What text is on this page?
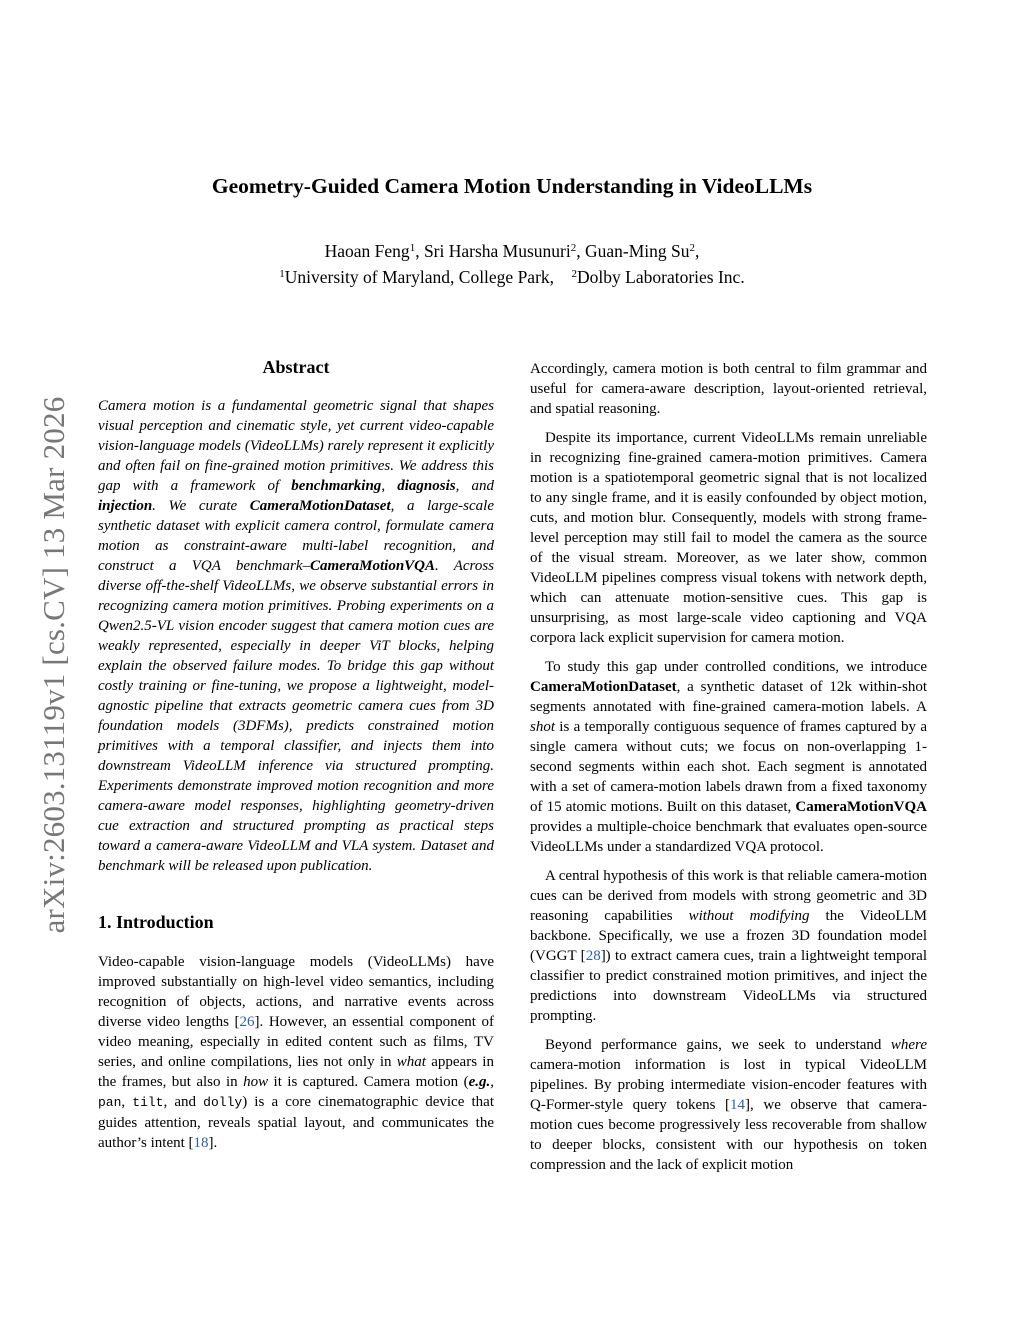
Geometry-Guided Camera Motion Understanding in VideoLLMs
Haoan Feng$^1$, Sri Harsha Musunuri$^2$, Guan-Ming Su$^2$,
$^1$University of Maryland, College Park, $^2$Dolby Laboratories Inc.
arXiv:2603.13119v1 [cs.CV] 13 Mar 2026
Abstract

Camera motion is a fundamental geometric signal that shapes visual perception and cinematic style, yet current video-capable vision-language models (VideoLLMs) rarely represent it explicitly and often fail on fine-grained motion primitives. We address this gap with a framework of benchmarking, diagnosis, and injection. We curate CameraMotionDataset, a large-scale synthetic dataset with explicit camera control, formulate camera motion as constraint-aware multi-label recognition, and construct a VQA benchmark–CameraMotionVQA. Across diverse off-the-shelf VideoLLMs, we observe substantial errors in recognizing camera motion primitives. Probing experiments on a Qwen2.5-VL vision encoder suggest that camera motion cues are weakly represented, especially in deeper ViT blocks, helping explain the observed failure modes. To bridge this gap without costly training or fine-tuning, we propose a lightweight, model-agnostic pipeline that extracts geometric camera cues from 3D foundation models (3DFMs), predicts constrained motion primitives with a temporal classifier, and injects them into downstream VideoLLM inference via structured prompting. Experiments demonstrate improved motion recognition and more camera-aware model responses, highlighting geometry-driven cue extraction and structured prompting as practical steps toward a camera-aware VideoLLM and VLA system. Dataset and benchmark will be released upon publication.

1. Introduction

Video-capable vision-language models (VideoLLMs) have improved substantially on high-level video semantics, including recognition of objects, actions, and narrative events across diverse video lengths [26]. However, an essential component of video meaning, especially in edited content such as films, TV series, and online compilations, lies not only in what appears in the frames, but also in how it is captured. Camera motion (e.g., pan, tilt, and dolly) is a core cinematographic device that guides attention, reveals spatial layout, and communicates the author’s intent [18].

Accordingly, camera motion is both central to film grammar and useful for camera-aware description, layout-oriented retrieval, and spatial reasoning.

Despite its importance, current VideoLLMs remain unreliable in recognizing fine-grained camera-motion primitives. Camera motion is a spatiotemporal geometric signal that is not localized to any single frame, and it is easily confounded by object motion, cuts, and motion blur. Consequently, models with strong frame-level perception may still fail to model the camera as the source of the visual stream. Moreover, as we later show, common VideoLLM pipelines compress visual tokens with network depth, which can attenuate motion-sensitive cues. This gap is unsurprising, as most large-scale video captioning and VQA corpora lack explicit supervision for camera motion.

To study this gap under controlled conditions, we introduce CameraMotionDataset, a synthetic dataset of 12k within-shot segments annotated with fine-grained camera-motion labels. A shot is a temporally contiguous sequence of frames captured by a single camera without cuts; we focus on non-overlapping 1-second segments within each shot. Each segment is annotated with a set of camera-motion labels drawn from a fixed taxonomy of 15 atomic motions. Built on this dataset, CameraMotionVQA provides a multiple-choice benchmark that evaluates open-source VideoLLMs under a standardized VQA protocol.

A central hypothesis of this work is that reliable camera-motion cues can be derived from models with strong geometric and 3D reasoning capabilities without modifying the VideoLLM backbone. Specifically, we use a frozen 3D foundation model (VGGT [28]) to extract camera cues, train a lightweight temporal classifier to predict constrained motion primitives, and inject the predictions into downstream VideoLLMs via structured prompting.

Beyond performance gains, we seek to understand where camera-motion information is lost in typical VideoLLM pipelines. By probing intermediate vision-encoder features with Q-Former-style query tokens [14], we observe that camera-motion cues become progressively less recoverable from shallow to deeper blocks, consistent with our hypothesis on token compression and the lack of explicit motion
